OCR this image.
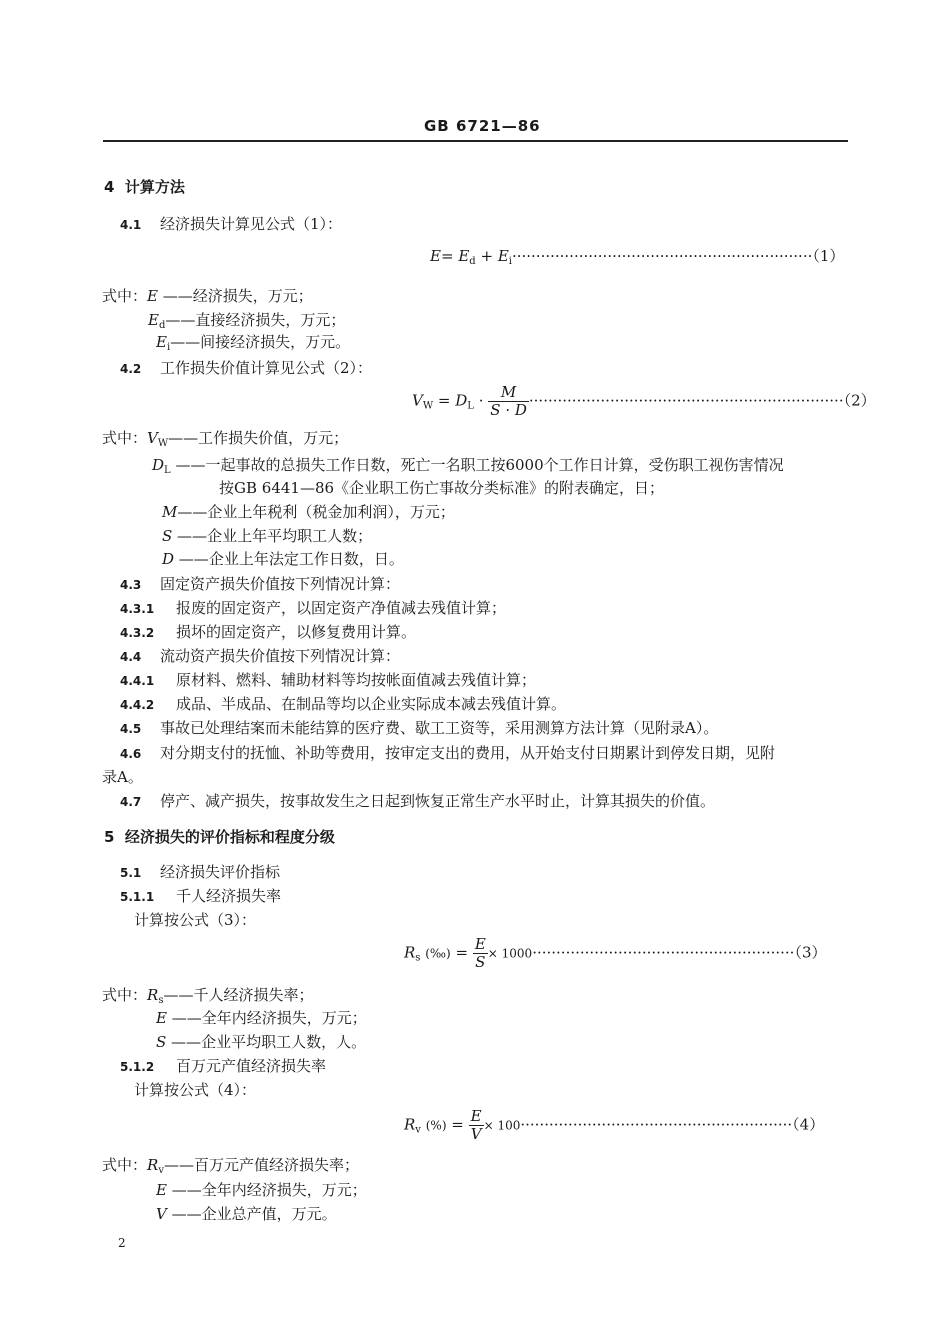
GB 6721—86
4 计算方法
4.1 经济损失计算见公式（1）：
$E= E_d + E_i\cdot\cdot\cdot\cdot\cdot\cdot\cdot\cdot\cdot\cdot\cdot\cdot\cdot\cdot\cdot\cdot\cdot\cdot\cdot\cdot\cdot\cdot\cdot\cdot\cdot\cdot\cdot\cdot\cdot\cdot\cdot\cdot\cdot\cdot\cdot\cdot\cdot\cdot\cdot\cdot\cdot\cdot\cdot\cdot\cdot\cdot\cdot\cdot\cdot\cdot\cdot\cdot\cdot\cdot\cdot\cdot\cdot\cdot\cdot\cdot\cdot\cdot\cdot(1)$
式中：E ——经济损失，万元；
$E_d——$直接经济损失，万元；
$E_i——$间接经济损失，万元。
4.2 工作损失价值计算见公式（2）：
$V_W = D_L \cdot \frac{M}{S \cdot D} \cdot\cdot\cdot\cdot\cdot\cdot\cdot\cdot\cdot\cdot\cdot\cdot\cdot\cdot\cdot\cdot\cdot\cdot\cdot\cdot\cdot\cdot\cdot\cdot\cdot\cdot\cdot\cdot\cdot\cdot\cdot\cdot\cdot\cdot\cdot\cdot\cdot\cdot\cdot\cdot\cdot\cdot\cdot\cdot\cdot\cdot\cdot\cdot\cdot\cdot\cdot\cdot\cdot\cdot\cdot\cdot\cdot\cdot\cdot\cdot\cdot\cdot\cdot\cdot\cdot\cdot(2)$
式中：$V_W——$工作损失价值，万元；
$D_L$ ——一起事故的总损失工作日数，死亡一名职工按6000个工作日计算，受伤职工视伤害情况
按GB 6441—86《企业职工伤亡事故分类标准》的附表确定，日；
M——企业上年税利（税金加利润），万元；
S ——企业上年平均职工人数；
D ——企业上年法定工作日数，日。
4.3 固定资产损失价值按下列情况计算：
4.3.1 报废的固定资产，以固定资产净值减去残值计算；
4.3.2 损坏的固定资产，以修复费用计算。
4.4 流动资产损失价值按下列情况计算：
4.4.1 原材料、燃料、辅助材料等均按帐面值减去残值计算；
4.4.2 成品、半成品、在制品等均以企业实际成本减去残值计算。
4.5 事故已处理结案而未能结算的医疗费、歇工工资等，采用测算方法计算（见附录A）。
4.6 对分期支付的抚恤、补助等费用，按审定支出的费用，从开始支付日期累计到停发日期，见附
录A。
4.7 停产、减产损失，按事故发生之日起到恢复正常生产水平时止，计算其损失的价值。
5 经济损失的评价指标和程度分级
5.1 经济损失评价指标
5.1.1 千人经济损失率
计算按公式（3）：
$R_s$ (‰) = $\frac{E}{S} \times 1000\cdot\cdot\cdot\cdot\cdot\cdot\cdot\cdot\cdot\cdot\cdot\cdot\cdot\cdot\cdot\cdot\cdot\cdot\cdot\cdot\cdot\cdot\cdot\cdot\cdot\cdot\cdot\cdot\cdot\cdot\cdot\cdot\cdot\cdot\cdot\cdot\cdot\cdot\cdot\cdot\cdot\cdot\cdot\cdot\cdot\cdot\cdot\cdot\cdot\cdot\cdot\cdot\cdot\cdot\cdot(3)$
式中：$R_s——$千人经济损失率；
E ——全年内经济损失，万元；
S ——企业平均职工人数，人。
5.1.2 百万元产值经济损失率
计算按公式（4）：
$R_v$ (%) = $\frac{E}{V} \times 100\cdot\cdot\cdot\cdot\cdot\cdot\cdot\cdot\cdot\cdot\cdot\cdot\cdot\cdot\cdot\cdot\cdot\cdot\cdot\cdot\cdot\cdot\cdot\cdot\cdot\cdot\cdot\cdot\cdot\cdot\cdot\cdot\cdot\cdot\cdot\cdot\cdot\cdot\cdot\cdot\cdot\cdot\cdot\cdot\cdot\cdot\cdot\cdot\cdot\cdot\cdot\cdot\cdot\cdot\cdot\cdot\cdot(4)$
式中：$R_v——$百万元产值经济损失率；
E ——全年内经济损失，万元；
V ——企业总产值，万元。
2
